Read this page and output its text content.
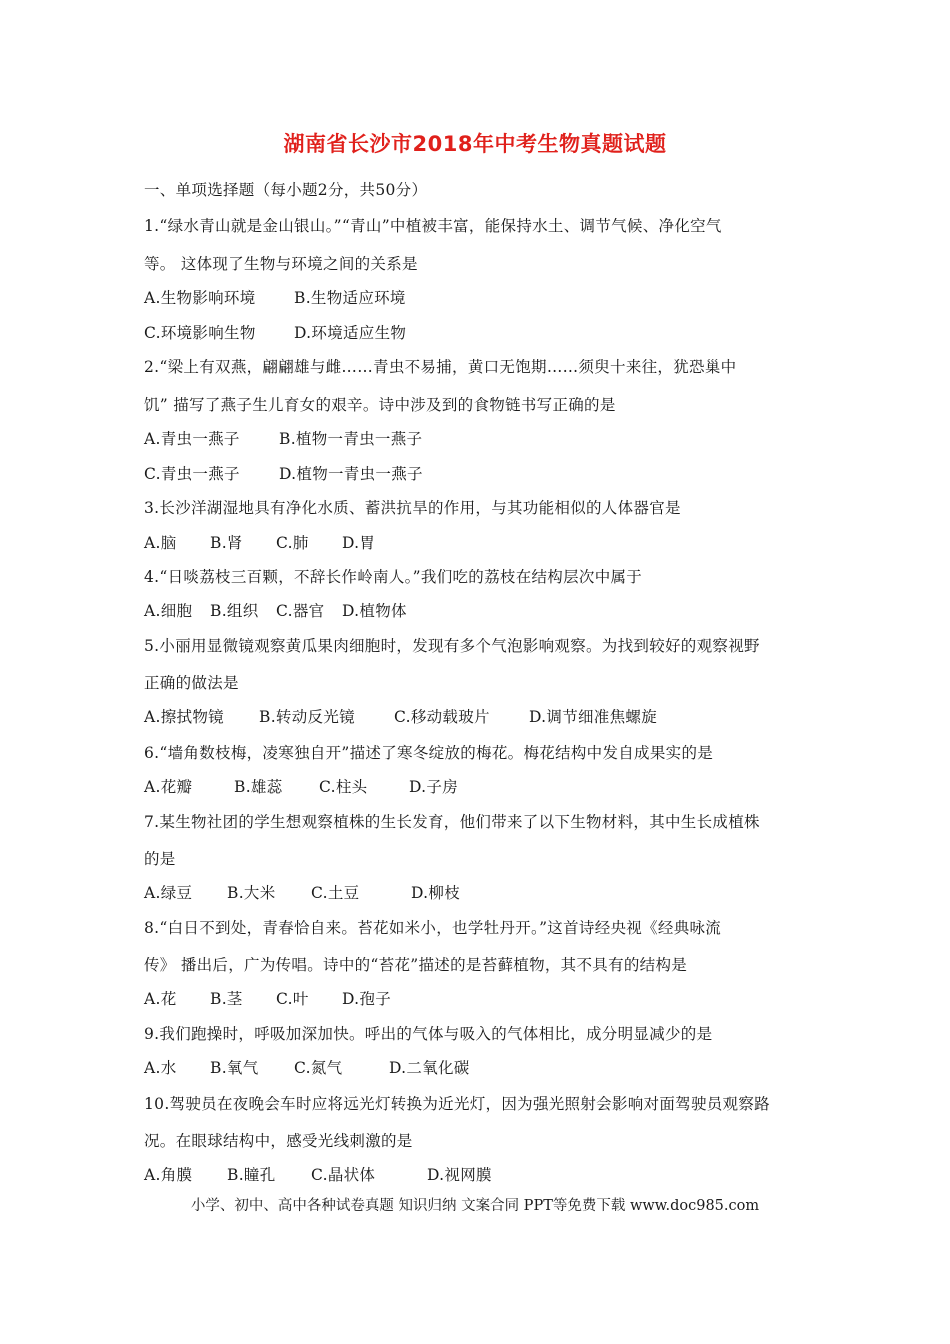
湖南省长沙市2018年中考生物真题试题
一、单项选择题（每小题2分，共50分）
1.“绿水青山就是金山银山。”“青山”中植被丰富，能保持水土、调节气候、净化空气
等。 这体现了生物与环境之间的关系是
A.生物影响环境 B.生物适应环境
C.环境影响生物 D.环境适应生物
2.“梁上有双燕，翩翩雄与雌……青虫不易捕，黄口无饱期……须臾十来往，犹恐巢中
饥” 描写了燕子生儿育女的艰辛。诗中涉及到的食物链书写正确的是
A.青虫一燕子	B.植物一青虫一燕子
C.青虫一燕子	D.植物一青虫一燕子
3.长沙洋湖湿地具有净化水质、蓄洪抗旱的作用，与其功能相似的人体器官是
A.脑 B.肾 C.肺 D.胃
4.“日啖荔枝三百颗，不辞长作岭南人。”我们吃的荔枝在结构层次中属于
A.细胞 B.组织 C.器官 D.植物体
5.小丽用显微镜观察黄瓜果肉细胞时，发现有多个气泡影响观察。为找到较好的观察视野
正确的做法是
A.擦拭物镜 B.转动反光镜	C.移动载玻片	D.调节细准焦螺旋
6.“墙角数枝梅，凌寒独自开”描述了寒冬绽放的梅花。梅花结构中发自成果实的是
A.花瓣	B.雄蕊 C.柱头	D.子房
7.某生物社团的学生想观察植株的生长发育，他们带来了以下生物材料，其中生长成植株
的是
A.绿豆 B.大米 C.土豆	D.柳枝
8.“白日不到处，青春恰自来。苔花如米小，也学牡丹开。”这首诗经央视《经典咏流
传》 播出后，广为传唱。诗中的“苔花”描述的是苔藓植物，其不具有的结构是
A.花 B.茎 C.叶 D.孢子
9.我们跑操时，呼吸加深加快。呼出的气体与吸入的气体相比，成分明显减少的是
A.水 B.氧气 C.氮气	D.二氧化碳
10.驾驶员在夜晚会车时应将远光灯转换为近光灯，因为强光照射会影响对面驾驶员观察路
况。在眼球结构中，感受光线刺激的是
A.角膜 B.瞳孔 C.晶状体	D.视网膜
小学、初中、高中各种试卷真题 知识归纳 文案合同 PPT等免费下载 www.doc985.com
